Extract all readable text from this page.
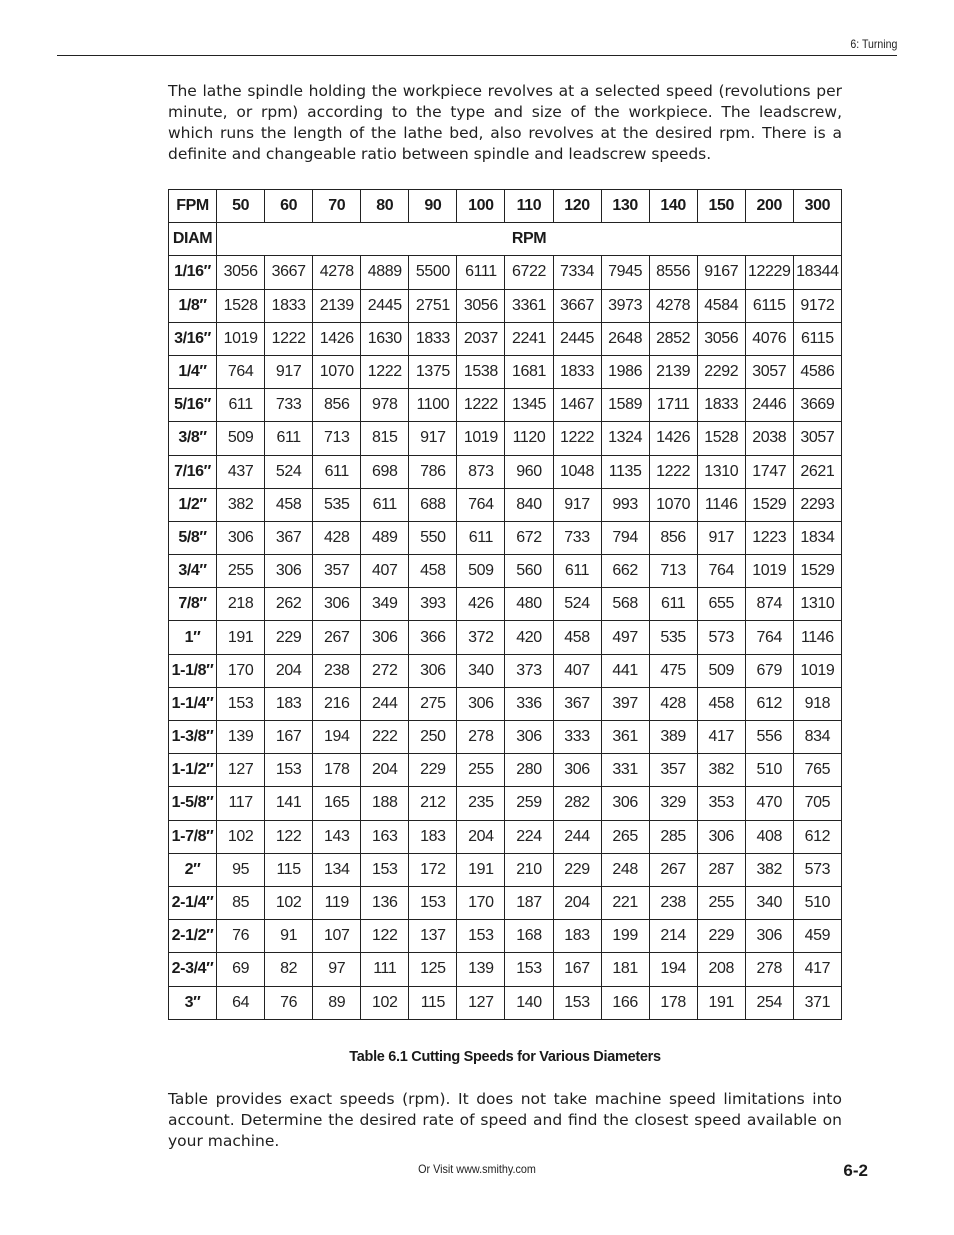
6: Turning

The lathe spindle holding the workpiece revolves at a selected speed (revolutions per minute, or rpm) according to the type and size of the workpiece. The leadscrew, which runs the length of the lathe bed, also revolves at the desired rpm. There is a definite and changeable ratio between spindle and leadscrew speeds.

FPM	50	60	70	80	90	100	110	120	130	140	150	200	300
DIAM	RPM												
1/16″	3056	3667	4278	4889	5500	6111	6722	7334	7945	8556	9167	12229	18344
1/8″	1528	1833	2139	2445	2751	3056	3361	3667	3973	4278	4584	6115	9172
3/16″	1019	1222	1426	1630	1833	2037	2241	2445	2648	2852	3056	4076	6115
1/4″	764	917	1070	1222	1375	1538	1681	1833	1986	2139	2292	3057	4586
5/16″	611	733	856	978	1100	1222	1345	1467	1589	1711	1833	2446	3669
3/8″	509	611	713	815	917	1019	1120	1222	1324	1426	1528	2038	3057
7/16″	437	524	611	698	786	873	960	1048	1135	1222	1310	1747	2621
1/2″	382	458	535	611	688	764	840	917	993	1070	1146	1529	2293
5/8″	306	367	428	489	550	611	672	733	794	856	917	1223	1834
3/4″	255	306	357	407	458	509	560	611	662	713	764	1019	1529
7/8″	218	262	306	349	393	426	480	524	568	611	655	874	1310
1″	191	229	267	306	366	372	420	458	497	535	573	764	1146
1-1/8″	170	204	238	272	306	340	373	407	441	475	509	679	1019
1-1/4″	153	183	216	244	275	306	336	367	397	428	458	612	918
1-3/8″	139	167	194	222	250	278	306	333	361	389	417	556	834
1-1/2″	127	153	178	204	229	255	280	306	331	357	382	510	765
1-5/8″	117	141	165	188	212	235	259	282	306	329	353	470	705
1-7/8″	102	122	143	163	183	204	224	244	265	285	306	408	612
2″	95	115	134	153	172	191	210	229	248	267	287	382	573
2-1/4″	85	102	119	136	153	170	187	204	221	238	255	340	510
2-1/2″	76	91	107	122	137	153	168	183	199	214	229	306	459
2-3/4″	69	82	97	111	125	139	153	167	181	194	208	278	417
3″	64	76	89	102	115	127	140	153	166	178	191	254	371
Table 6.1 Cutting Speeds for Various Diameters

Table provides exact speeds (rpm). It does not take machine speed limitations into account. Determine the desired rate of speed and find the closest speed available on your machine.

Or Visit www.smithy.com	6-2
